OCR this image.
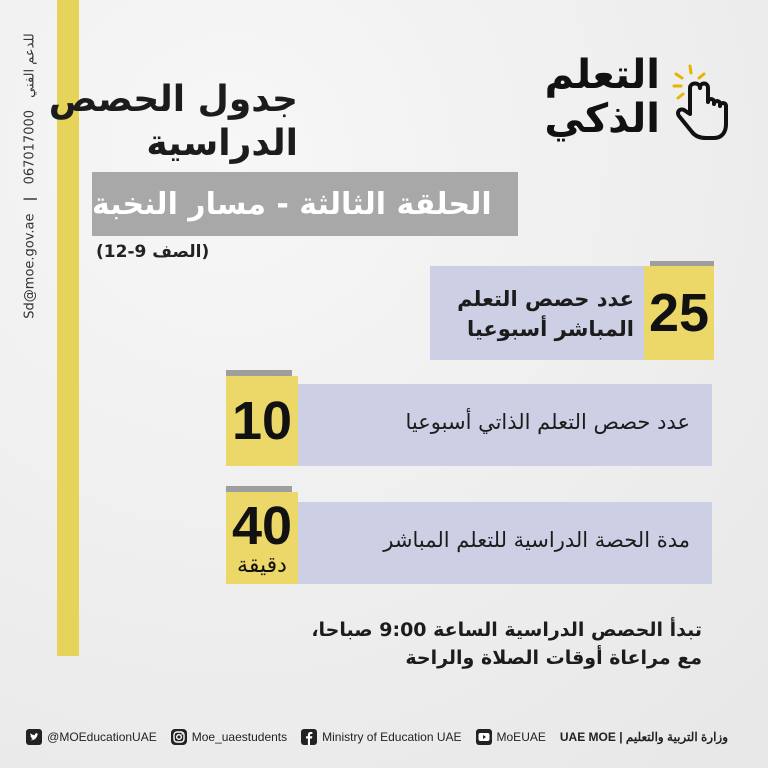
Sd@moe.gov.ae | 067017000 للدعم الفني	التعلم
الذكي
جدول الحصص
الدراسية
الحلقة الثالثة - مسار النخبة
(الصف 9-12)
عدد حصص التعلم
المباشر أسبوعيا 25
عدد حصص التعلم الذاتي أسبوعيا
10
مدة الحصة الدراسية للتعلم المباشر
40
دقيقة
تبدأ الحصص الدراسية الساعة 9:00 صباحا،
مع مراعاة أوقات الصلاة والراحة
@MOEducationUAE	Moe_uaestudents	Ministry of Education UAE	MoEUAE وزارة التربية والتعليم | UAE MOE
